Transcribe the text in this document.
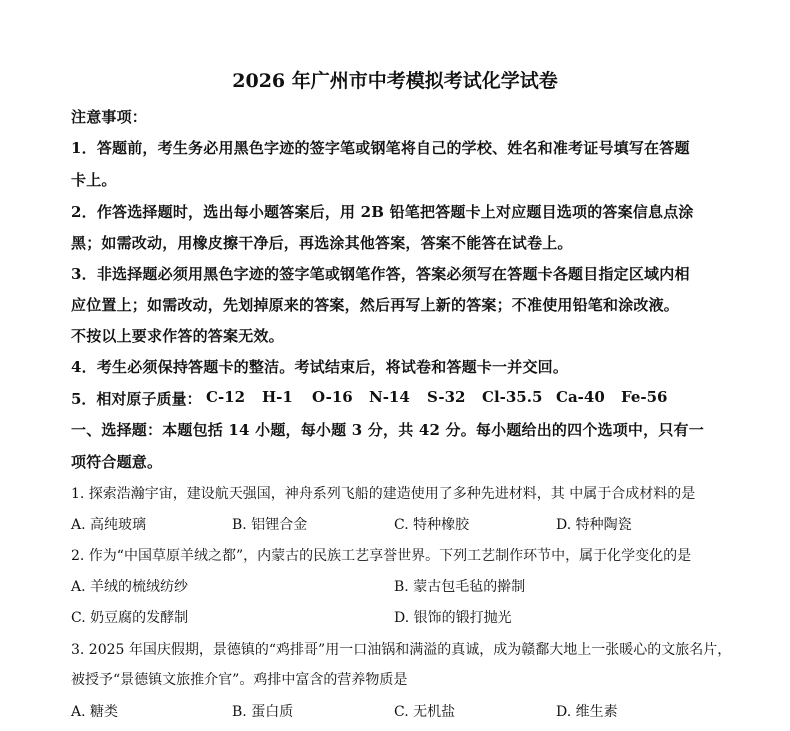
2026 年广州市中考模拟考试化学试卷
注意事项：
1．答题前，考生务必用黑色字迹的签字笔或钢笔将自己的学校、姓名和准考证号填写在答题
卡上。
2．作答选择题时，选出每小题答案后，用 2B 铅笔把答题卡上对应题目选项的答案信息点涂
黑；如需改动，用橡皮擦干净后，再选涂其他答案，答案不能答在试卷上。
3．非选择题必须用黑色字迹的签字笔或钢笔作答，答案必须写在答题卡各题目指定区域内相
应位置上；如需改动，先划掉原来的答案，然后再写上新的答案；不准使用铅笔和涂改液。
不按以上要求作答的答案无效。
4．考生必须保持答题卡的整洁。考试结束后，将试卷和答题卡一并交回。
5．相对原子质量： C-12 H-1 O-16 N-14 S-32 Cl-35.5 Ca-40 Fe-56
一、选择题：本题包括 14 小题，每小题 3 分，共 42 分。每小题给出的四个选项中，只有一
项符合题意。
1. 探索浩瀚宇宙，建设航天强国，神舟系列飞船的建造使用了多种先进材料，其 中属于合成材料的是
A. 高纯玻璃	B. 铝锂合金	C. 特种橡胶	D. 特种陶瓷
2. 作为“中国草原羊绒之都”，内蒙古的民族工艺享誉世界。下列工艺制作环节中，属于化学变化的是
A. 羊绒的梳绒纺纱	B. 蒙古包毛毡的擀制
C. 奶豆腐的发酵制	D. 银饰的锻打抛光
3. 2025 年国庆假期，景德镇的“鸡排哥”用一口油锅和满溢的真诚，成为赣鄱大地上一张暖心的文旅名片，
被授予“景德镇文旅推介官”。鸡排中富含的营养物质是
A. 糖类	B. 蛋白质	C. 无机盐	D. 维生素
